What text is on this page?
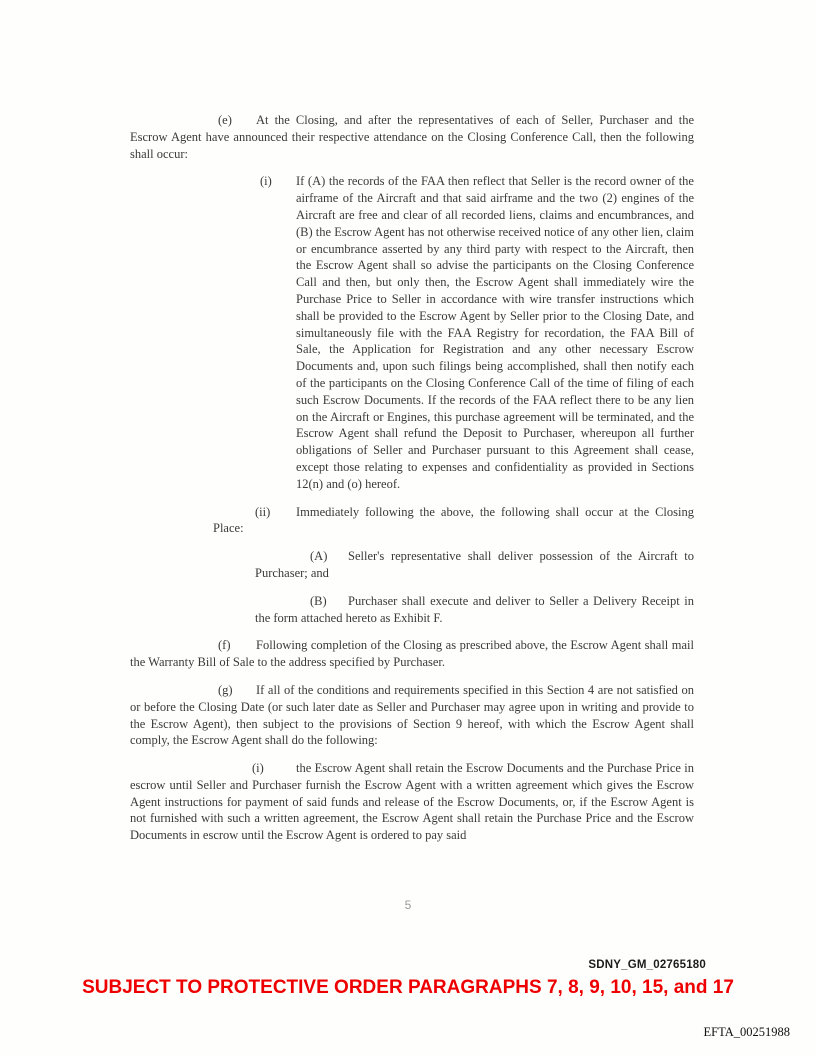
(e) At the Closing, and after the representatives of each of Seller, Purchaser and the Escrow Agent have announced their respective attendance on the Closing Conference Call, then the following shall occur:

(i) If (A) the records of the FAA then reflect that Seller is the record owner of the airframe of the Aircraft and that said airframe and the two (2) engines of the Aircraft are free and clear of all recorded liens, claims and encumbrances, and (B) the Escrow Agent has not otherwise received notice of any other lien, claim or encumbrance asserted by any third party with respect to the Aircraft, then the Escrow Agent shall so advise the participants on the Closing Conference Call and then, but only then, the Escrow Agent shall immediately wire the Purchase Price to Seller in accordance with wire transfer instructions which shall be provided to the Escrow Agent by Seller prior to the Closing Date, and simultaneously file with the FAA Registry for recordation, the FAA Bill of Sale, the Application for Registration and any other necessary Escrow Documents and, upon such filings being accomplished, shall then notify each of the participants on the Closing Conference Call of the time of filing of each such Escrow Documents. If the records of the FAA reflect there to be any lien on the Aircraft or Engines, this purchase agreement will be terminated, and the Escrow Agent shall refund the Deposit to Purchaser, whereupon all further obligations of Seller and Purchaser pursuant to this Agreement shall cease, except those relating to expenses and confidentiality as provided in Sections 12(n) and (o) hereof.

(ii) Immediately following the above, the following shall occur at the Closing Place:

(A) Seller's representative shall deliver possession of the Aircraft to Purchaser; and

(B) Purchaser shall execute and deliver to Seller a Delivery Receipt in the form attached hereto as Exhibit F.

(f) Following completion of the Closing as prescribed above, the Escrow Agent shall mail the Warranty Bill of Sale to the address specified by Purchaser.

(g) If all of the conditions and requirements specified in this Section 4 are not satisfied on or before the Closing Date (or such later date as Seller and Purchaser may agree upon in writing and provide to the Escrow Agent), then subject to the provisions of Section 9 hereof, with which the Escrow Agent shall comply, the Escrow Agent shall do the following:

(i)	the Escrow Agent shall retain the Escrow Documents and the Purchase Price in escrow until Seller and Purchaser furnish the Escrow Agent with a written agreement which gives the Escrow Agent instructions for payment of said funds and release of the Escrow Documents, or, if the Escrow Agent is not furnished with such a written agreement, the Escrow Agent shall retain the Purchase Price and the Escrow Documents in escrow until the Escrow Agent is ordered to pay said

5
SDNY_GM_02765180
SUBJECT TO PROTECTIVE ORDER PARAGRAPHS 7, 8, 9, 10, 15, and 17
EFTA_00251988
